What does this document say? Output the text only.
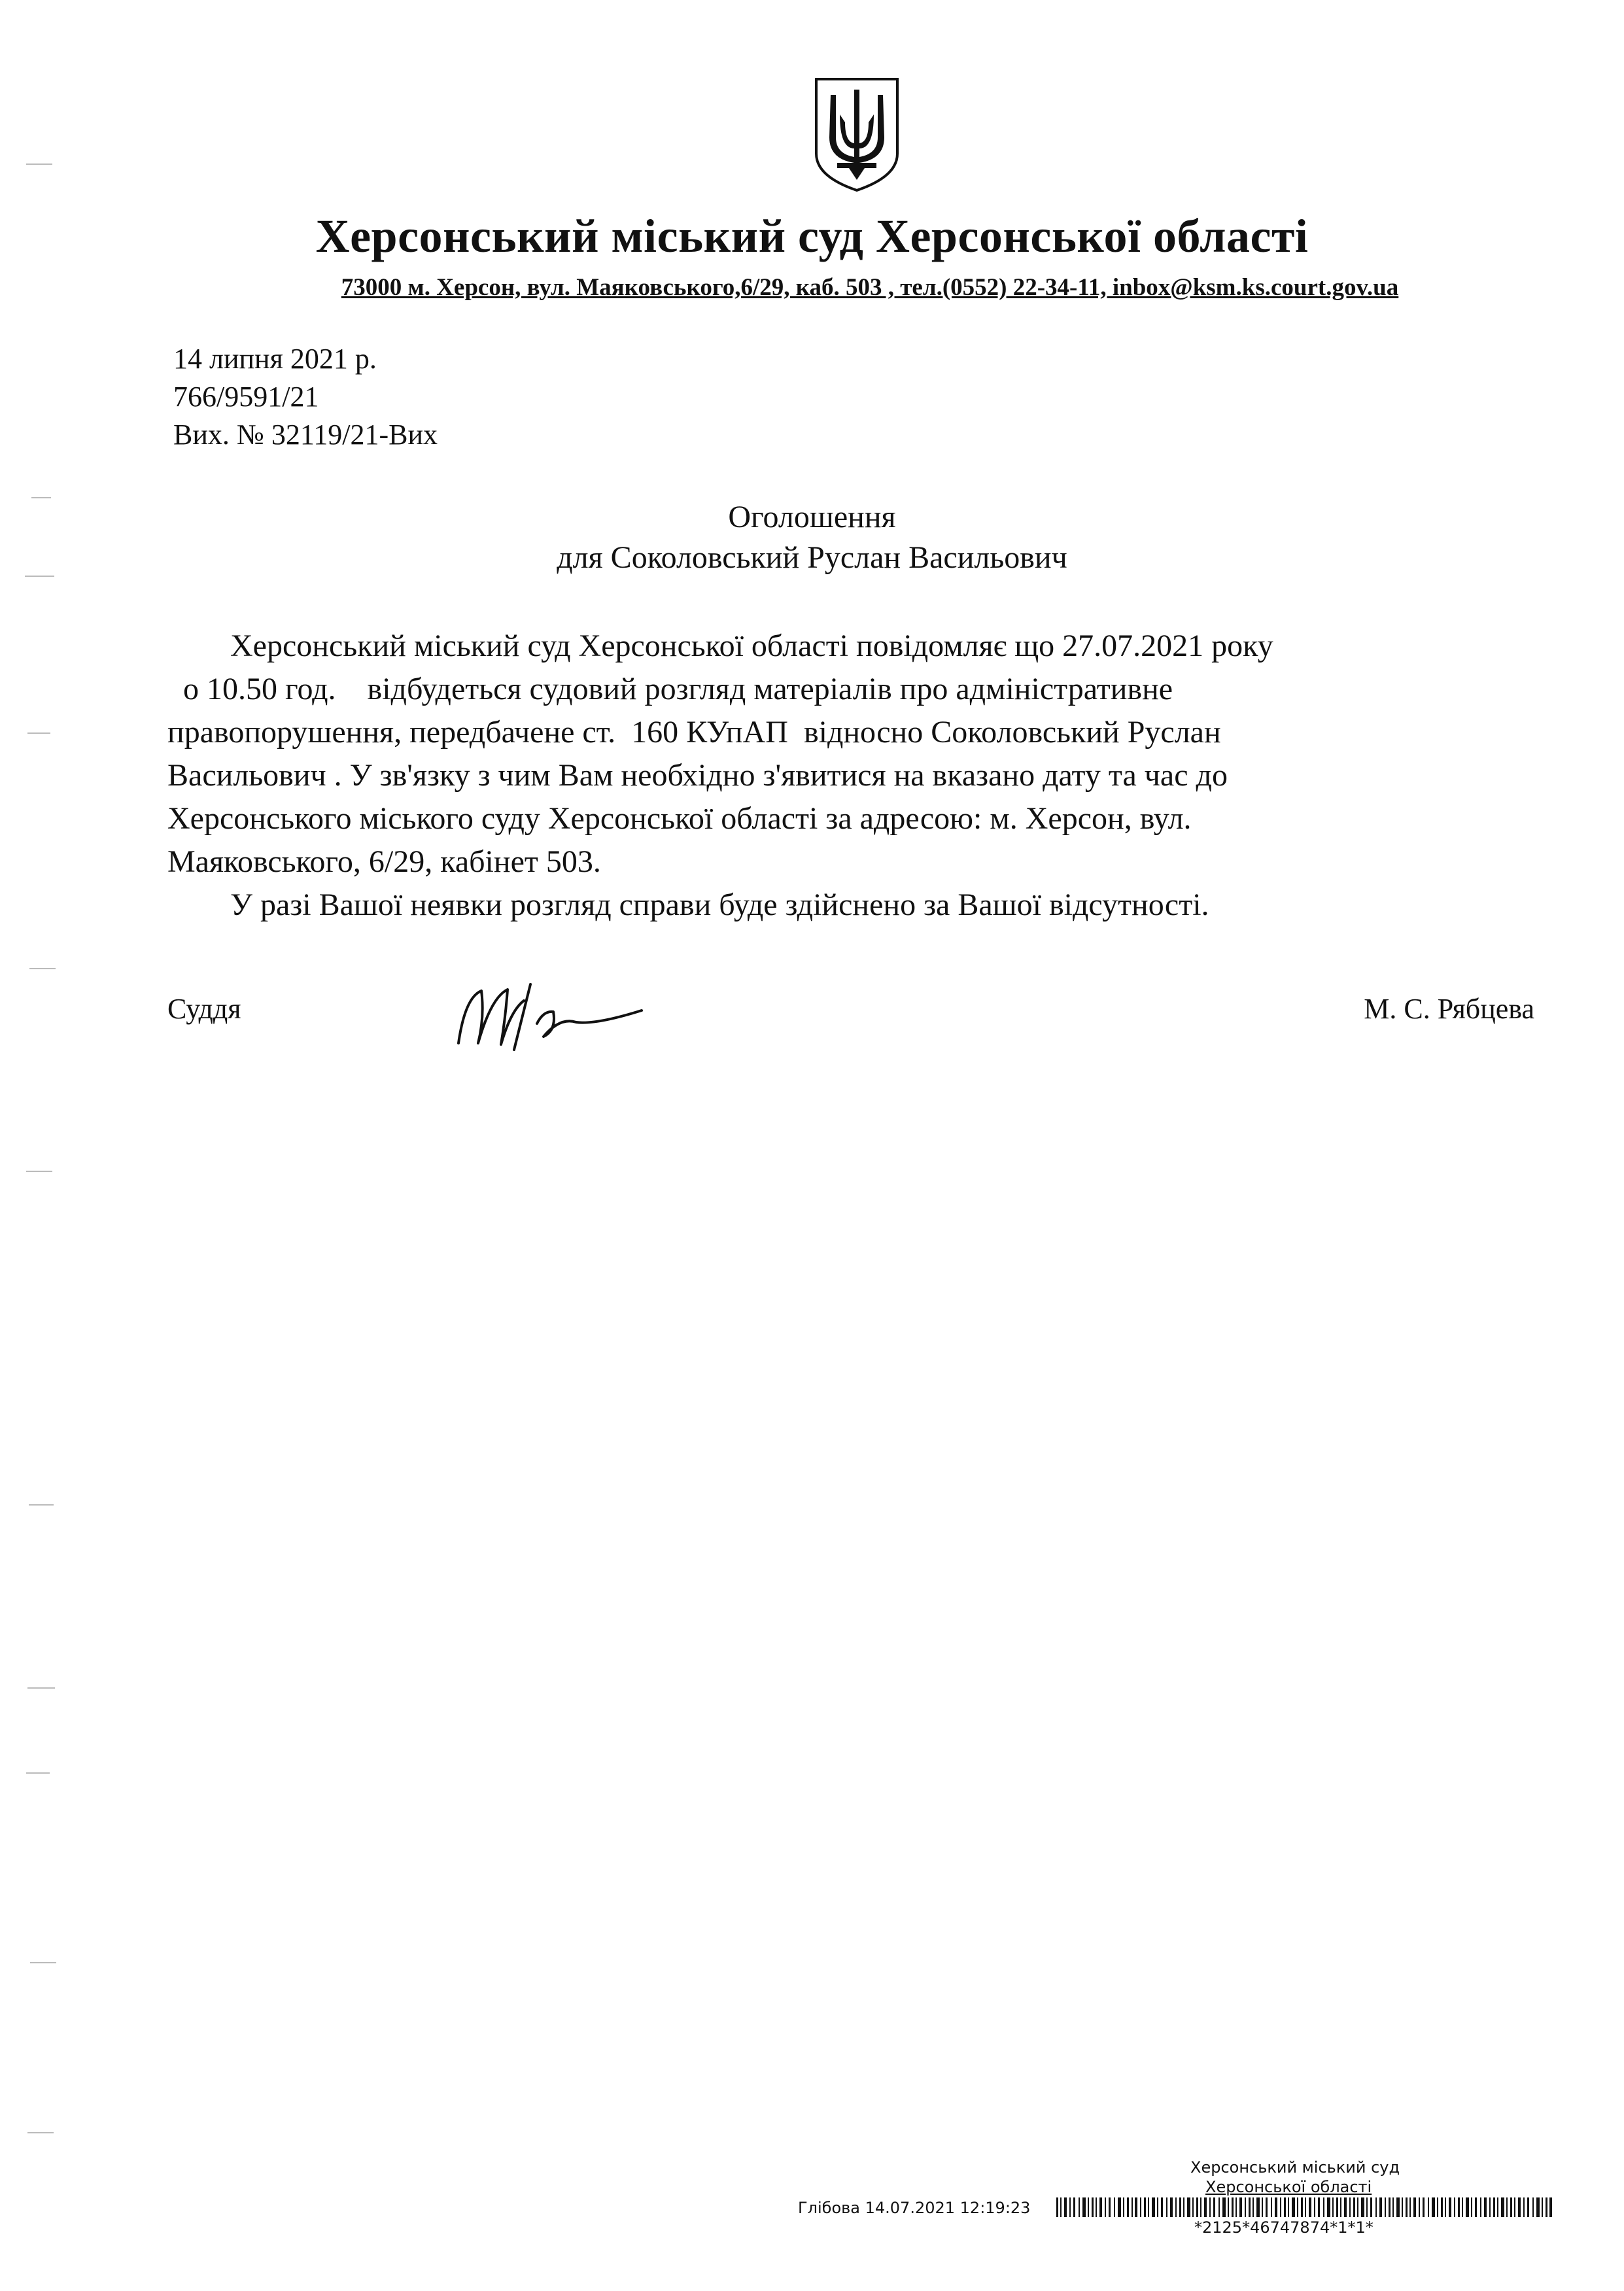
Херсонський міський суд Херсонської області
73000 м. Херсон, вул. Маяковського,6/29, каб. 503 , тел.(0552) 22-34-11, inbox@ksm.ks.court.gov.ua
14 липня 2021 р.
766/9591/21
Вих. № 32119/21-Вих
Оголошення
для Соколовський Руслан Васильович
Херсонський міський суд Херсонської області повідомляє що 27.07.2021 року
о 10.50 год.    відбудеться судовий розгляд матеріалів про адміністративне
правопорушення, передбачене ст.  160 КУпАП  відносно Соколовський Руслан
Васильович . У зв'язку з чим Вам необхідно з'явитися на вказано дату та час до
Херсонського міського суду Херсонської області за адресою: м. Херсон, вул.
Маяковського, 6/29, кабінет 503.
У разі Вашої неявки розгляд справи буде здійснено за Вашої відсутності.
Суддя	М. С. Рябцева
Херсонський міський суд
Херсонської області
Глібова 14.07.2021 12:19:23
*2125*46747874*1*1*
